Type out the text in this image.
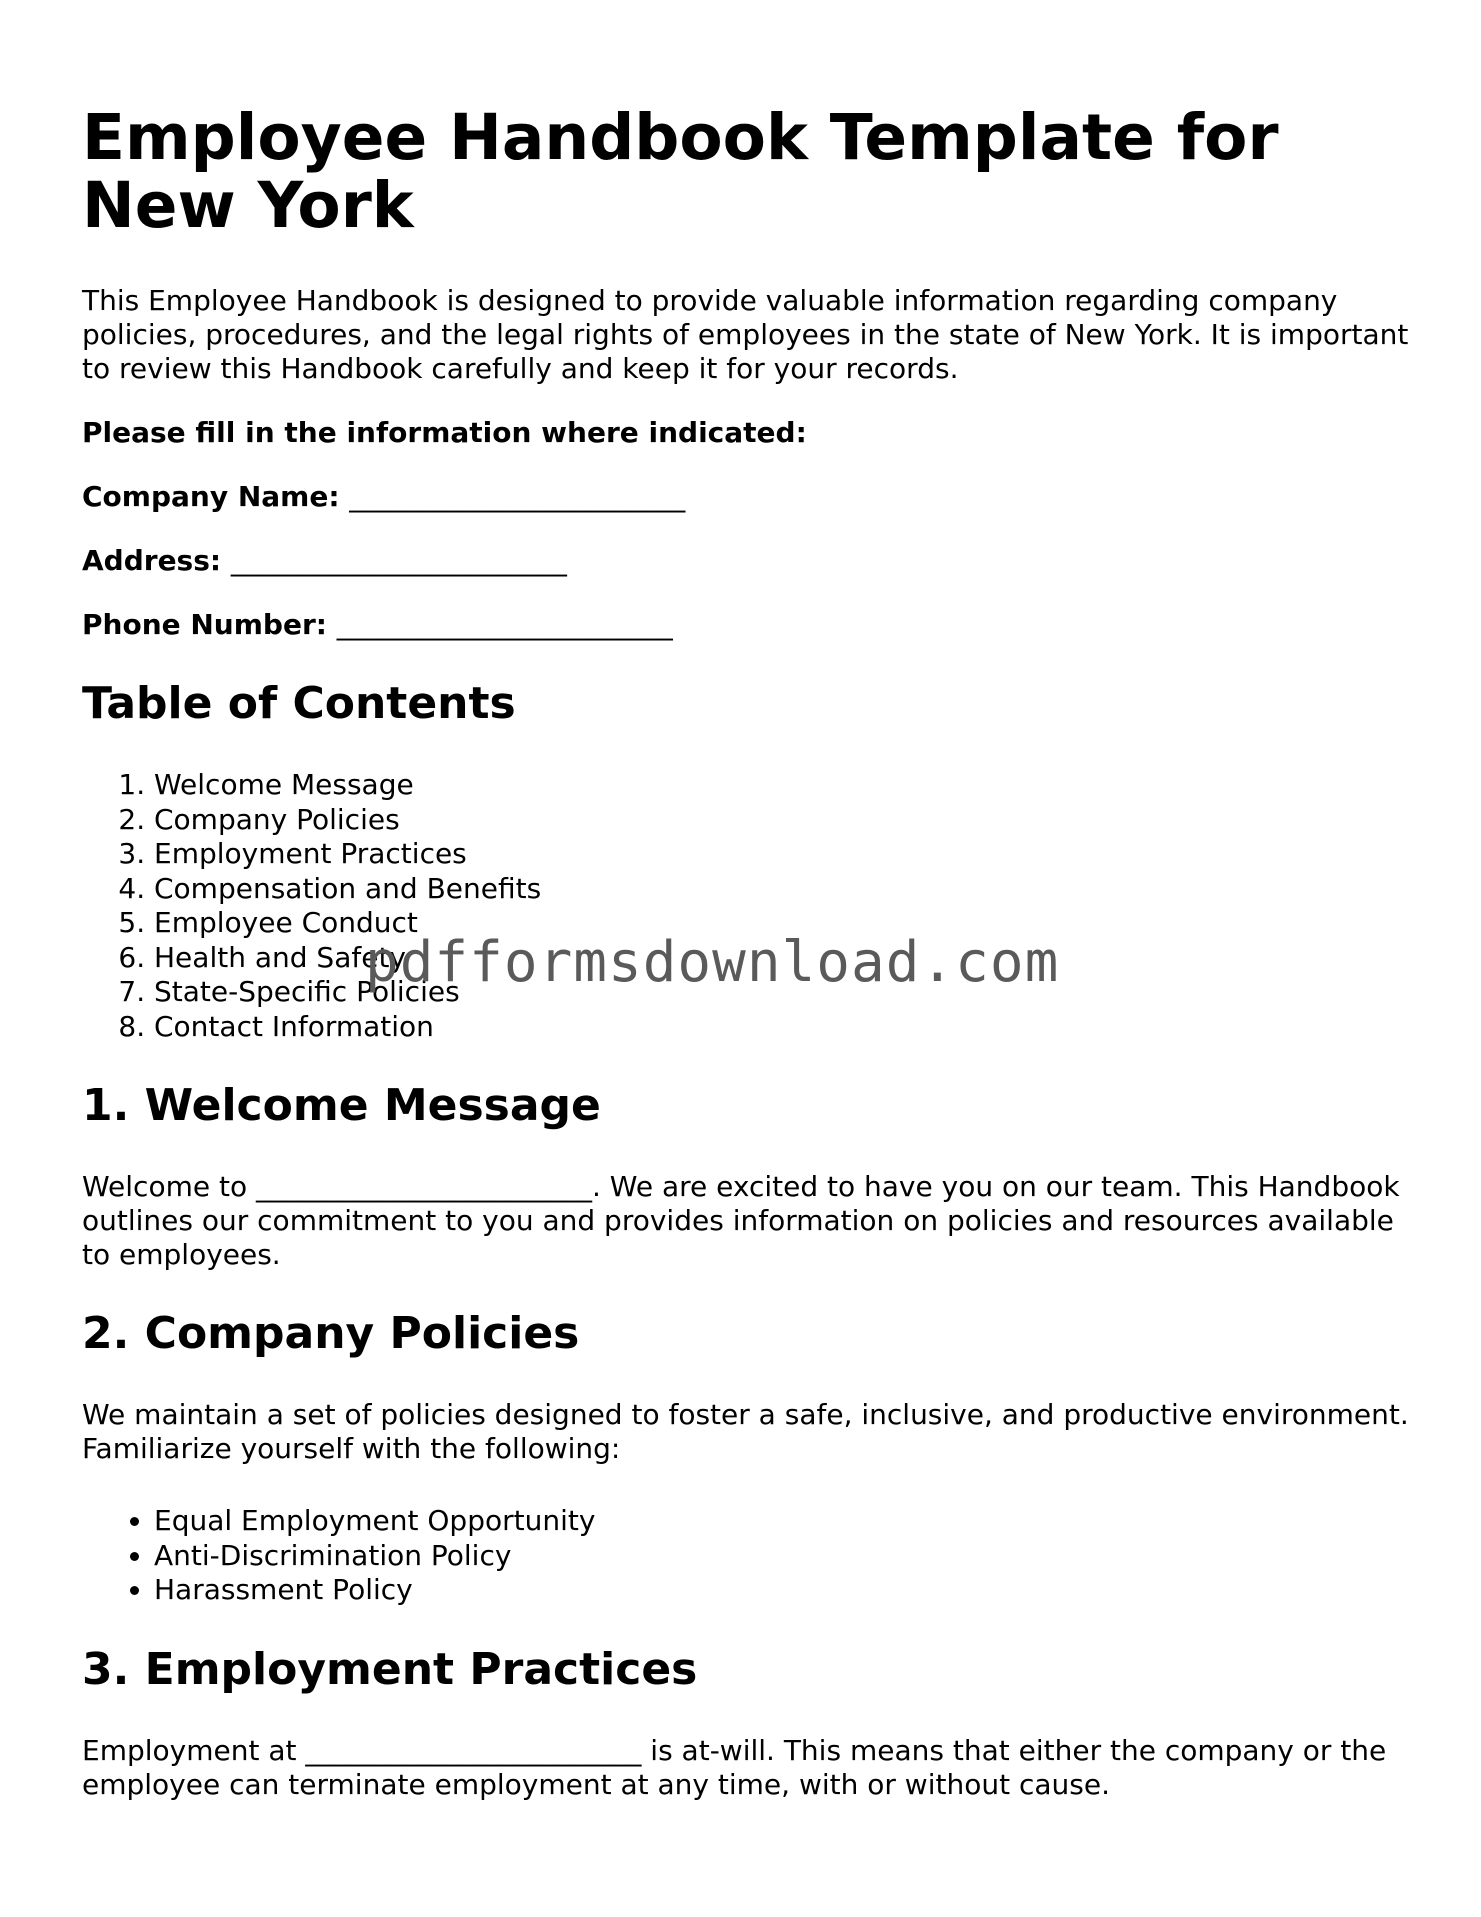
Employee Handbook Template for New York

This Employee Handbook is designed to provide valuable information regarding company policies, procedures, and the legal rights of employees in the state of New York. It is important to review this Handbook carefully and keep it for your records.

Please fill in the information where indicated:

Company Name: ________________________

Address: ________________________

Phone Number: ________________________

Table of Contents
1. Welcome Message
2. Company Policies
3. Employment Practices
4. Compensation and Benefits
5. Employee Conduct
6. Health and Safety
7. State-Specific Policies
8. Contact Information
1. Welcome Message

Welcome to ________________________. We are excited to have you on our team. This Handbook outlines our commitment to you and provides information on policies and resources available to employees.

2. Company Policies

We maintain a set of policies designed to foster a safe, inclusive, and productive environment. Familiarize yourself with the following:

• Equal Employment Opportunity
• Anti-Discrimination Policy
• Harassment Policy
3. Employment Practices

Employment at ________________________ is at-will. This means that either the company or the employee can terminate employment at any time, with or without cause.

pdfformsdownload.com
